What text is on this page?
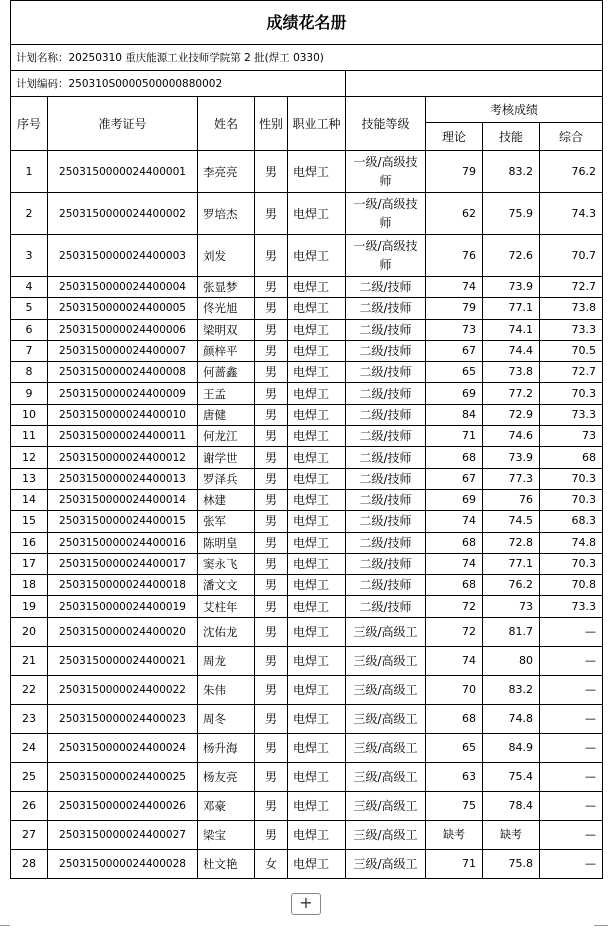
成绩花名册								
计划名称：20250310 重庆能源工业技师学院第 2 批(焊工 0330)								
计划编码：250310S0000500000880002								
序号	准考证号	姓名	性别	职业工种	技能等级	考核成绩		
						理论	技能	综合
1	2503150000024400001	李亮亮	男	电焊工	一级/高级技师	79	83.2	76.2
2	2503150000024400002	罗培杰	男	电焊工	一级/高级技师	62	75.9	74.3
3	2503150000024400003	刘发	男	电焊工	一级/高级技师	76	72.6	70.7
4	2503150000024400004	张显梦	男	电焊工	二级/技师	74	73.9	72.7
5	2503150000024400005	佟光旭	男	电焊工	二级/技师	79	77.1	73.8
6	2503150000024400006	梁明双	男	电焊工	二级/技师	73	74.1	73.3
7	2503150000024400007	颜梓平	男	电焊工	二级/技师	67	74.4	70.5
8	2503150000024400008	何蔷鑫	男	电焊工	二级/技师	65	73.8	72.7
9	2503150000024400009	王孟	男	电焊工	二级/技师	69	77.2	70.3
10	2503150000024400010	唐健	男	电焊工	二级/技师	84	72.9	73.3
11	2503150000024400011	何龙江	男	电焊工	二级/技师	71	74.6	73
12	2503150000024400012	谢学世	男	电焊工	二级/技师	68	73.9	68
13	2503150000024400013	罗泽兵	男	电焊工	二级/技师	67	77.3	70.3
14	2503150000024400014	林建	男	电焊工	二级/技师	69	76	70.3
15	2503150000024400015	张军	男	电焊工	二级/技师	74	74.5	68.3
16	2503150000024400016	陈明皇	男	电焊工	二级/技师	68	72.8	74.8
17	2503150000024400017	窦永飞	男	电焊工	二级/技师	74	77.1	70.3
18	2503150000024400018	潘文文	男	电焊工	二级/技师	68	76.2	70.8
19	2503150000024400019	艾柱年	男	电焊工	二级/技师	72	73	73.3
20	2503150000024400020	沈佑龙	男	电焊工	三级/高级工	72	81.7	—
21	2503150000024400021	周龙	男	电焊工	三级/高级工	74	80	—
22	2503150000024400022	朱伟	男	电焊工	三级/高级工	70	83.2	—
23	2503150000024400023	周冬	男	电焊工	三级/高级工	68	74.8	—
24	2503150000024400024	杨升海	男	电焊工	三级/高级工	65	84.9	—
25	2503150000024400025	杨友亮	男	电焊工	三级/高级工	63	75.4	—
26	2503150000024400026	邓豪	男	电焊工	三级/高级工	75	78.4	—
27	2503150000024400027	梁宝	男	电焊工	三级/高级工	缺考	缺考	—
28	2503150000024400028	杜文艳	女	电焊工	三级/高级工	71	75.8	—
+
